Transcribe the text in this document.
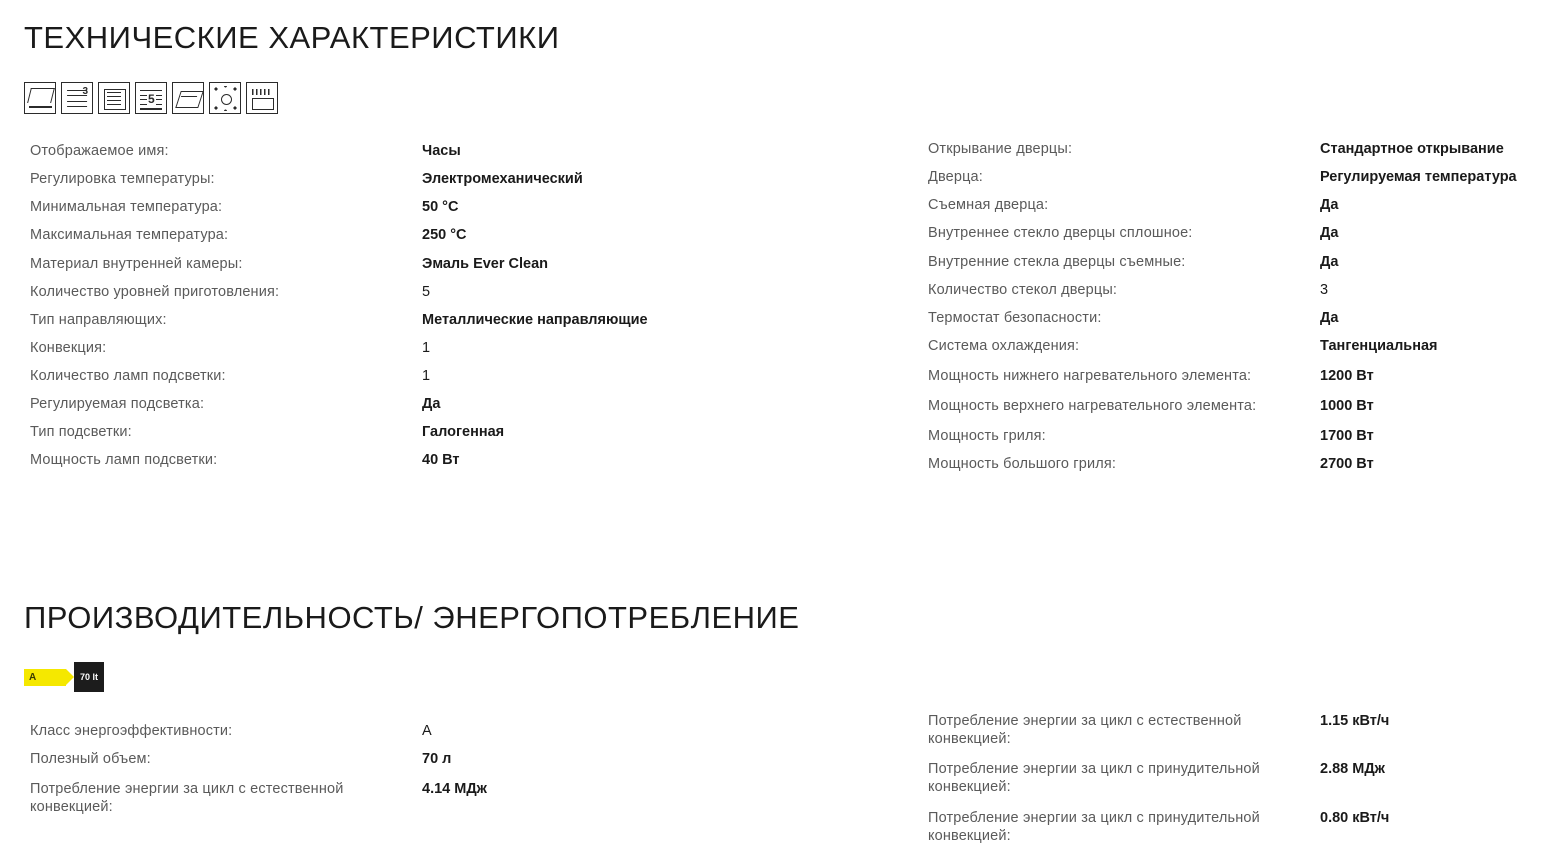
ТЕХНИЧЕСКИЕ ХАРАКТЕРИСТИКИ
3
5
Отображаемое имя:	Часы
Регулировка температуры:	Электромеханический
Минимальная температура:	50 °C
Максимальная температура:	250 °C
Материал внутренней камеры:	Эмаль Ever Clean
Количество уровней приготовления:	5
Тип направляющих:	Металлические направляющие
Конвекция:	1
Количество ламп подсветки:	1
Регулируемая подсветка:	Да
Тип подсветки:	Галогенная
Мощность ламп подсветки:	40 Вт
Открывание дверцы:	Стандартное открывание
Дверца:	Регулируемая температура
Съемная дверца:	Да
Внутреннее стекло дверцы сплошное:	Да
Внутренние стекла дверцы съемные:	Да
Количество стекол дверцы:	3
Термостат безопасности:	Да
Система охлаждения:	Тангенциальная
Мощность нижнего нагревательного элемента:	1200 Вт
Мощность верхнего нагревательного элемента:	1000 Вт
Мощность гриля:	1700 Вт
Мощность большого гриля:	2700 Вт
ПРОИЗВОДИТЕЛЬНОСТЬ/ ЭНЕРГОПОТРЕБЛЕНИЕ
A	70 lt
Класс энергоэффективности:	A
Полезный объем:	70 л
Потребление энергии за цикл с естественной конвекцией:
4.14 МДж
Потребление энергии за цикл с естественной конвекцией:
1.15 кВт/ч
Потребление энергии за цикл с принудительной конвекцией:
2.88 МДж
Потребление энергии за цикл с принудительной конвекцией:
0.80 кВт/ч
